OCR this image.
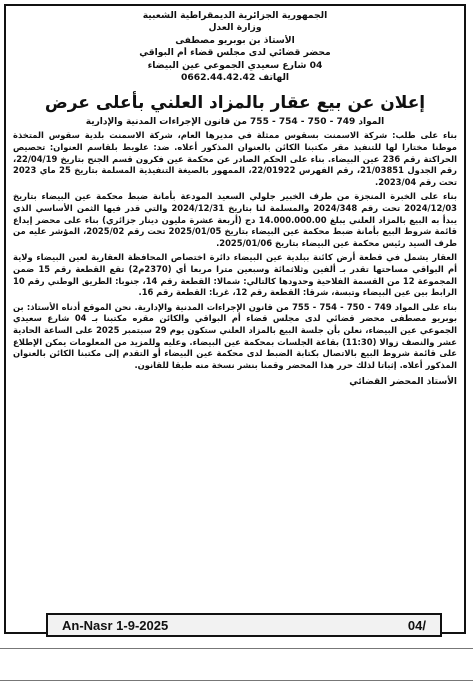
الجمهورية الجزائرية الديمقراطية الشعبية
وزارة العدل
الأستاذ بن بوبريو مصطفى
محضر قضائي لدى مجلس قضاء أم البواقي
04 شارع سعيدي الجموعي عين البيضاء
الهاتف 0662.44.42.42
إعلان عن بيع عقار بالمزاد العلني بأعلى عرض
المواد 749 - 750 - 754 - 755 من قانون الإجراءات المدنية والإدارية

بناء على طلب: شركة الاسمنت بسقوس ممثلة في مديرها العام، شركة الاسمنت بلدية سقوس المتخذة موطنا مختارا لها للتنفيذ مقر مكتبنا الكائن بالعنوان المذكور أعلاه. ضد: علويط بلقاسم العنوان: تحصيص الحراكتة رقم 236 عين البيضاء. بناء على الحكم الصادر عن محكمة عين فكرون قسم الجنح بتاريخ 22/04/19، رقم الجدول 21/03851، رقم الفهرس 22/01922، الممهور بالصيغة التنفيذية المسلمة بتاريخ 25 ماي 2023 تحت رقم 2023/04.

بناء على الخبرة المنجزة من طرف الخبير جلولي السعيد المودعة بأمانة ضبط محكمة عين البيضاء بتاريخ 2024/12/03 تحت رقم 2024/348 والمسلمة لنا بتاريخ 2024/12/31 والتي قدر فيها الثمن الأساسي الذي يبدأ به البيع بالمزاد العلني يبلغ 14.000.000.00 دج (أربعة عشرة مليون دينار جزائري) بناء على محضر إيداع قائمة شروط البيع بأمانة ضبط محكمة عين البيضاء بتاريخ 2025/01/05 تحت رقم 2025/02، المؤشر عليه من طرف السيد رئيس محكمة عين البيضاء بتاريخ 2025/01/06.

العقار يشمل في قطعة أرض كائنة ببلدية عين البيضاء دائرة اختصاص المحافظة العقارية لعين البيضاء ولاية أم البواقي مساحتها تقدر بـ ألفين وثلاثمائة وسبعين مترا مربعا أي (2370م2) تقع القطعة رقم 15 ضمن المجموعة 12 من القسمة الفلاحية وحدودها كالتالي: شمالا: القطعة رقم 14، جنوبا: الطريق الوطني رقم 10 الرابط بين عين البيضاء وتبسة، شرقا: القطعة رقم 12، غربا: القطعة رقم 16.

بناء على المواد 749 - 750 - 754 - 755 من قانون الإجراءات المدنية والإدارية. نحن الموقع أدناه الأستاذ: بن بوبريو مصطفى محضر قضائي لدى مجلس قضاء أم البواقي والكائن مقره مكتبنا بـ 04 شارع سعيدي الجموعي عين البيضاء، نعلن بأن جلسة البيع بالمزاد العلني ستكون يوم 29 سبتمبر 2025 على الساعة الحادية عشر والنصف زوالا (11:30) بقاعة الجلسات بمحكمة عين البيضاء. وعليه وللمزيد من المعلومات يمكن الإطلاع على قائمة شروط البيع بالاتصال بكتابة الضبط لدى محكمة عين البيضاء أو التقدم إلى مكتبنا الكائن بالعنوان المذكور أعلاه. إثباتا لذلك حرر هذا المحضر وقمنا بنشر نسخة منه طبقا للقانون.

الأستاذ المحضر القضائي
An-Nasr 1-9-2025	04/
